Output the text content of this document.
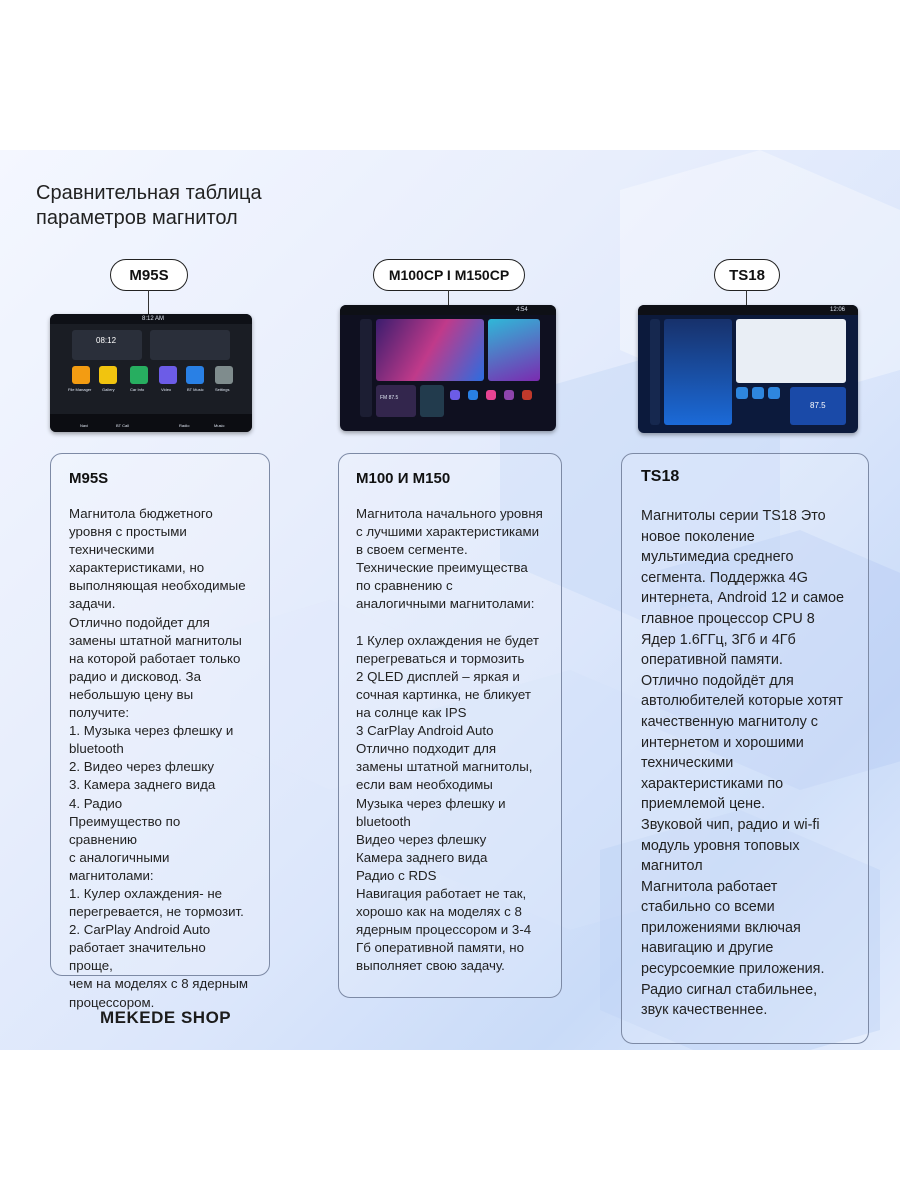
Сравнительная таблица
параметров магнитол
M95S	M100CP I M150CP	TS18
8:12 AM
08:12
File Manager	Gallery	Car Info	Video	BT Music	Settings
Navi	BT Call	Radio	Music
4:54
FM 87.5
12:06
87.5
M95S
Магнитола бюджетного
уровня с простыми
техническими
характеристиками, но
выполняющая необходимые
задачи.
Отлично подойдет для
замены штатной магнитолы
на которой работает только
радио и дисковод. За
небольшую цену вы получите:
1. Музыка через флешку и
bluetooth
2. Видео через флешку
3. Камера заднего вида
4. Радио
Преимущество по сравнению
с аналогичными
магнитолами:
1. Кулер охлаждения- не
перегревается, не тормозит.
2. CarPlay Android Auto
работает значительно проще,
чем на моделях с 8 ядерным
процессором.
M100 И M150
Магнитола начального уровня
с лучшими характеристиками
в своем сегменте.
Технические преимущества
по сравнению с
аналогичными магнитолами:

1 Кулер охлаждения не будет
перегреваться и тормозить
2 QLED дисплей – яркая и
сочная картинка, не бликует
на солнце как IPS
3 CarPlay Android Auto
Отлично подходит для
замены штатной магнитолы,
если вам необходимы
Музыка через флешку и
bluetooth
Видео через флешку
Камера заднего вида
Радио с RDS
Навигация работает не так,
хорошо как на моделях с 8
ядерным процессором и 3-4
Гб оперативной памяти, но
выполняет свою задачу.
TS18
Магнитолы серии TS18 Это
новое поколение
мультимедиа среднего
сегмента. Поддержка 4G
интернета, Android 12 и самое
главное процессор CPU 8
Ядер 1.6ГГц, 3Гб и 4Гб
оперативной памяти.
Отлично подойдёт для
автолюбителей которые хотят
качественную магнитолу с
интернетом и хорошими
техническими
характеристиками по
приемлемой цене.
Звуковой чип, радио и wi-fi
модуль уровня топовых
магнитол
Магнитола работает
стабильно со всеми
приложениями включая
навигацию и другие
ресурсоемкие приложения.
Радио сигнал стабильнее,
звук качественнее.
MEKEDE SHOP
